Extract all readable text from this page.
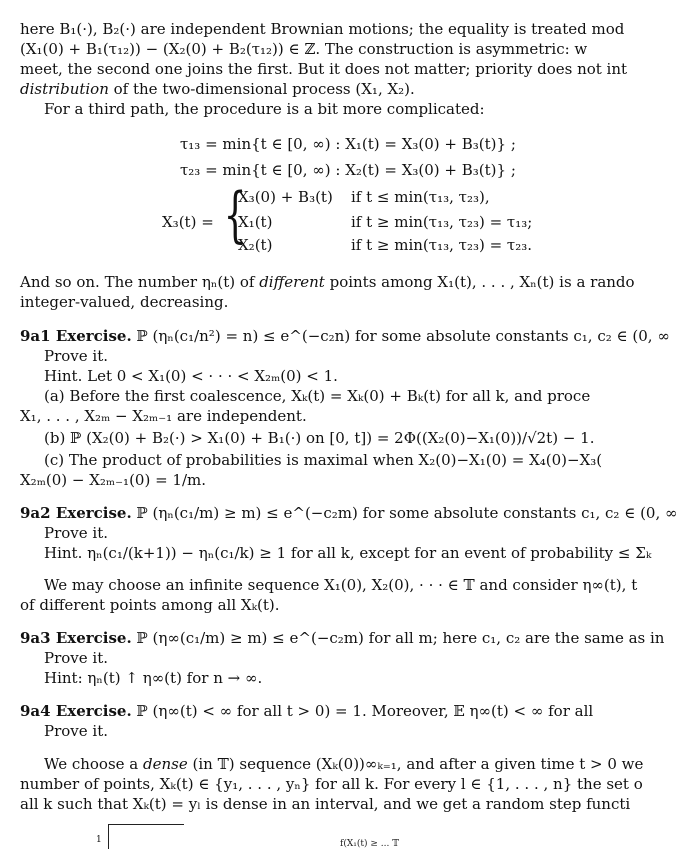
here B₁(·), B₂(·) are independent Brownian motions; the equality is treated mod
(X₁(0) + B₁(τ₁₂)) − (X₂(0) + B₂(τ₁₂)) ∈ ℤ. The construction is asymmetric: w
meet, the second one joins the first. But it does not matter; priority does not int
distribution of the two-dimensional process (X₁, X₂).
For a third path, the procedure is a bit more complicated:
τ₁₃ = min{t ∈ [0, ∞) : X₁(t) = X₃(0) + B₃(t)} ;
τ₂₃ = min{t ∈ [0, ∞) : X₂(t) = X₃(0) + B₃(t)} ;
X₃(t) = {
X₃(0) + B₃(t) if t ≤ min(τ₁₃, τ₂₃),
X₁(t)	if t ≥ min(τ₁₃, τ₂₃) = τ₁₃;
X₂(t)	if t ≥ min(τ₁₃, τ₂₃) = τ₂₃.
And so on. The number ηₙ(t) of different points among X₁(t), . . . , Xₙ(t) is a rando
integer-valued, decreasing.
9a1 Exercise. ℙ (ηₙ(c₁/n²) = n) ≤ e^(−c₂n) for some absolute constants c₁, c₂ ∈ (0, ∞
Prove it.
Hint. Let 0 < X₁(0) < · · · < X₂ₘ(0) < 1.
(a) Before the first coalescence, Xₖ(t) = Xₖ(0) + Bₖ(t) for all k, and proce
X₁, . . . , X₂ₘ − X₂ₘ₋₁ are independent.
(b) ℙ (X₂(0) + B₂(·) > X₁(0) + B₁(·) on [0, t]) = 2Φ((X₂(0)−X₁(0))/√2t) − 1.
(c) The product of probabilities is maximal when X₂(0)−X₁(0) = X₄(0)−X₃(
X₂ₘ(0) − X₂ₘ₋₁(0) = 1/m.
9a2 Exercise. ℙ (ηₙ(c₁/m) ≥ m) ≤ e^(−c₂m) for some absolute constants c₁, c₂ ∈ (0, ∞
Prove it.
Hint. ηₙ(c₁/(k+1)) − ηₙ(c₁/k) ≥ 1 for all k, except for an event of probability ≤ Σₖ
We may choose an infinite sequence X₁(0), X₂(0), · · · ∈ 𝕋 and consider η∞(t), t
of different points among all Xₖ(t).
9a3 Exercise. ℙ (η∞(c₁/m) ≥ m) ≤ e^(−c₂m) for all m; here c₁, c₂ are the same as in
Prove it.
Hint: ηₙ(t) ↑ η∞(t) for n → ∞.
9a4 Exercise. ℙ (η∞(t) < ∞ for all t > 0) = 1. Moreover, 𝔼 η∞(t) < ∞ for all
Prove it.
We choose a dense (in 𝕋) sequence (Xₖ(0))∞ₖ₌₁, and after a given time t > 0 we
number of points, Xₖ(t) ∈ {y₁, . . . , yₙ} for all k. For every l ∈ {1, . . . , n} the set o
all k such that Xₖ(t) = yₗ is dense in an interval, and we get a random step functi
1	f(X₁(t) ≥ ... 𝕋
